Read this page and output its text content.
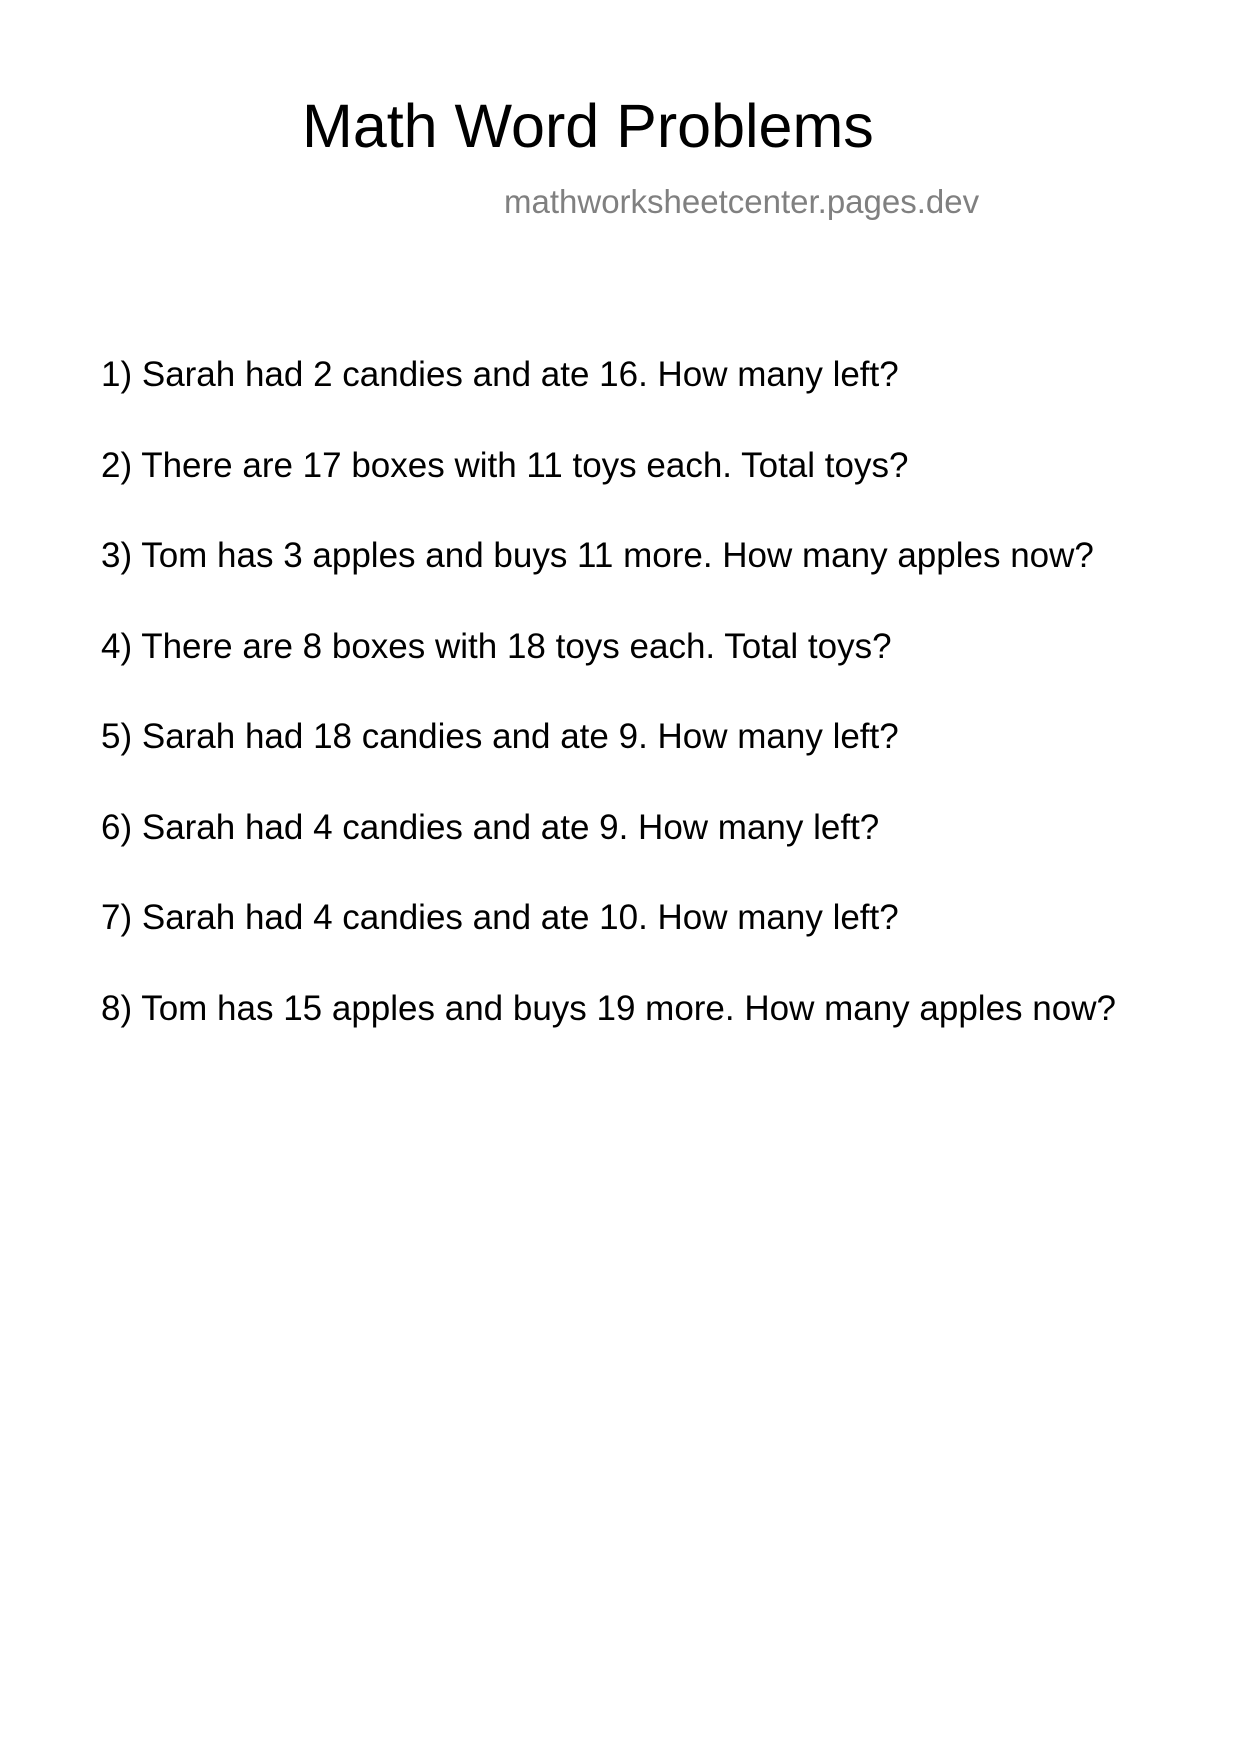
Math Word Problems
mathworksheetcenter.pages.dev
1) Sarah had 2 candies and ate 16. How many left?
2) There are 17 boxes with 11 toys each. Total toys?
3) Tom has 3 apples and buys 11 more. How many apples now?
4) There are 8 boxes with 18 toys each. Total toys?
5) Sarah had 18 candies and ate 9. How many left?
6) Sarah had 4 candies and ate 9. How many left?
7) Sarah had 4 candies and ate 10. How many left?
8) Tom has 15 apples and buys 19 more. How many apples now?
